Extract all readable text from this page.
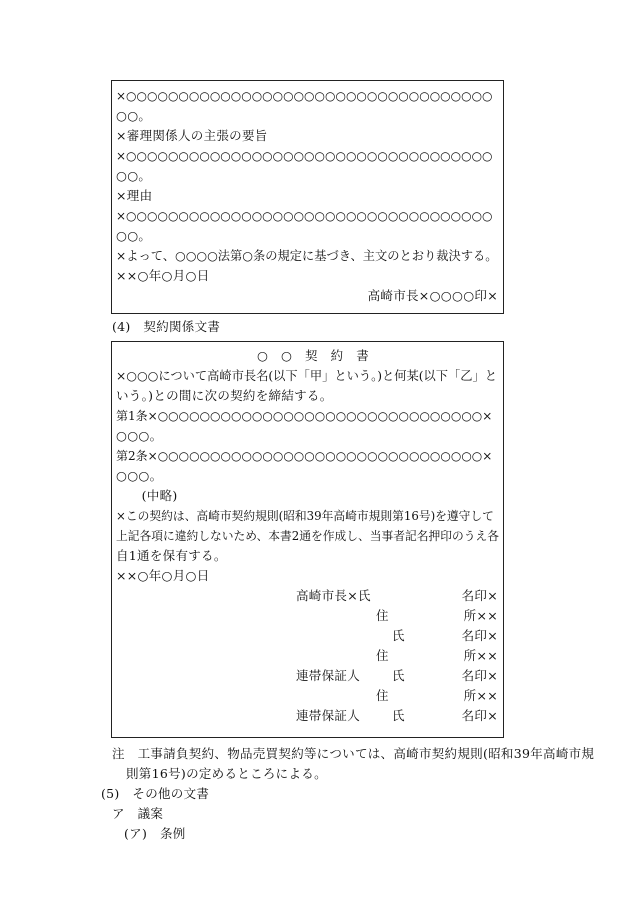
×○○○○○○○○○○○○○○○○○○○○○○○○○○○○○○○○○○○
○○。
×審理関係人の主張の要旨
×○○○○○○○○○○○○○○○○○○○○○○○○○○○○○○○○○○○
○○。
×理由
×○○○○○○○○○○○○○○○○○○○○○○○○○○○○○○○○○○○
○○。
×よって、○○○○法第○条の規定に基づき、主文のとおり裁決する。
××○年○月○日
高崎市長×○○○○印×
(4)　契約関係文書
○　○　契　約　書
×○○○について高崎市長名(以下「甲」という。)と何某(以下「乙」と
いう。)との間に次の契約を締結する。
第1条×○○○○○○○○○○○○○○○○○○○○○○○○○○○○○○○×
○○○。
第2条×○○○○○○○○○○○○○○○○○○○○○○○○○○○○○○○×
○○○。
　　(中略)
×この契約は、高崎市契約規則(昭和39年高崎市規則第16号)を遵守して
上記各項に違約しないため、本書2通を作成し、当事者記名押印のうえ各
自1通を保有する。
××○年○月○日
高崎市長×氏	名印×
住	所××
氏	名印×
住	所××
連帯保証人	氏	名印×
住	所××
連帯保証人	氏	名印×
注　工事請負契約、物品売買契約等については、高崎市契約規則(昭和39年高崎市規
則第16号)の定めるところによる。
(5)　その他の文書
ア　議案
(ア)　条例
